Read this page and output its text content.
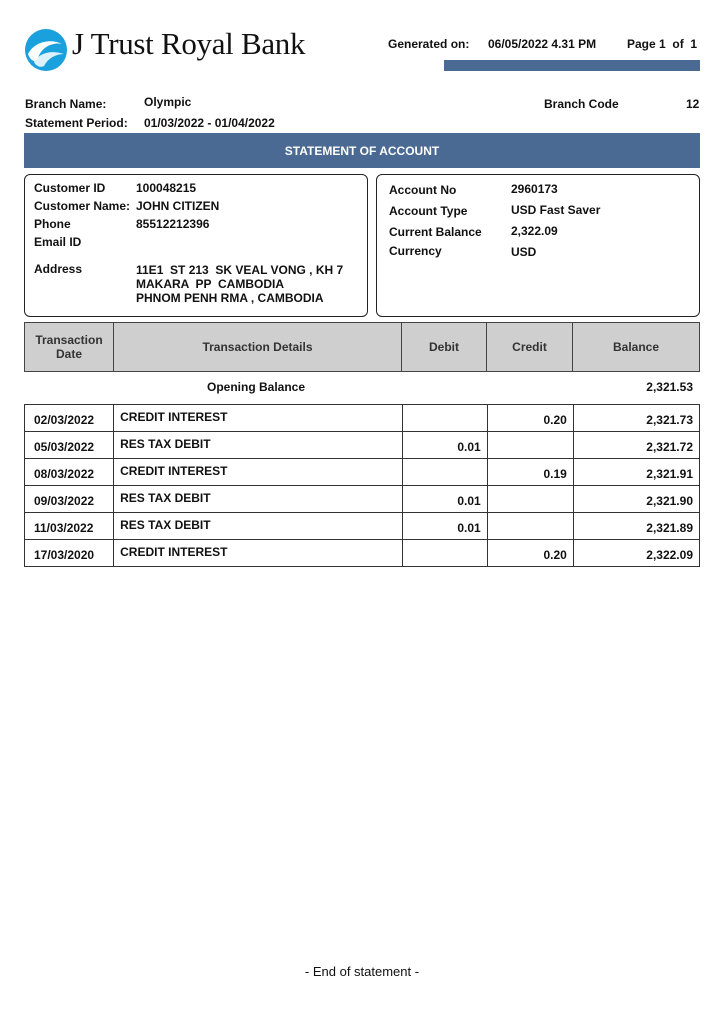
J Trust Royal Bank	Generated on: 06/05/2022 4.31 PM	Page 1  of  1
Branch Name:	Olympic
Statement Period: 01/03/2022 - 01/04/2022
Branch Code	12
STATEMENT OF ACCOUNT
Customer ID	100048215
Customer Name: JOHN CITIZEN
Phone	85512212396
Email ID
Address	11E1  ST 213  SK VEAL VONG , KH 7
MAKARA  PP  CAMBODIA
PHNOM PENH RMA , CAMBODIA
Account No	2960173
Account Type	USD Fast Saver
Current Balance 2,322.09
Currency	USD
Transaction
Date	Transaction Details	Debit	Credit	Balance
Opening Balance	2,321.53
02/03/2022	CREDIT INTEREST		0.20	2,321.73
05/03/2022	RES TAX DEBIT	0.01		2,321.72
08/03/2022	CREDIT INTEREST		0.19	2,321.91
09/03/2022	RES TAX DEBIT	0.01		2,321.90
11/03/2022	RES TAX DEBIT	0.01		2,321.89
17/03/2020	CREDIT INTEREST		0.20	2,322.09
- End of statement -
